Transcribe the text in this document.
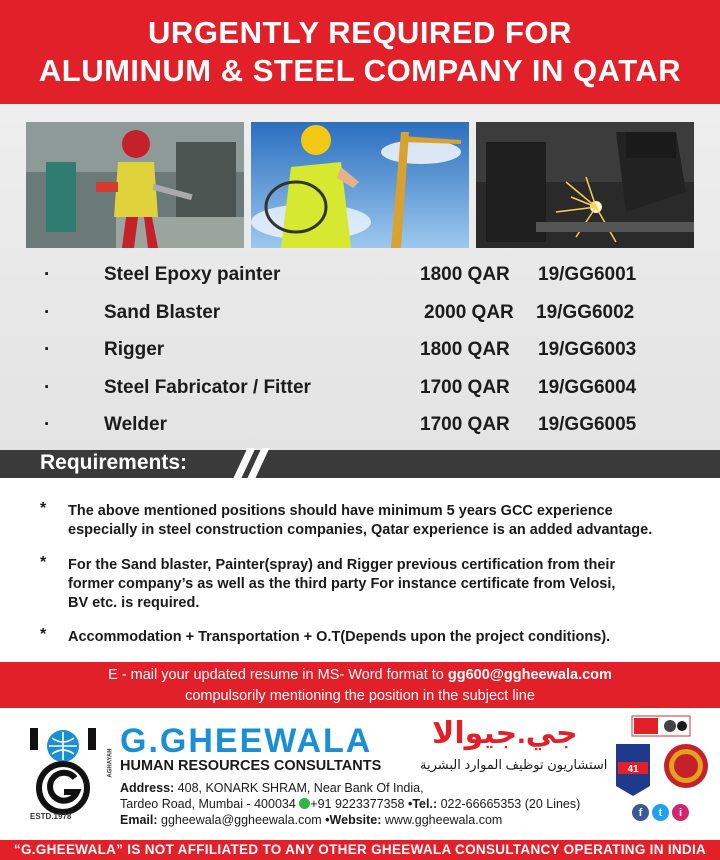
URGENTLY REQUIRED FOR
ALUMINUM & STEEL COMPANY IN QATAR
·	Steel Epoxy painter	1800 QAR 19/GG6001
·	Sand Blaster	2000 QAR 19/GG6002
·	Rigger	1800 QAR 19/GG6003
·	Steel Fabricator / Fitter	1700 QAR 19/GG6004
·	Welder	1700 QAR 19/GG6005
Requirements:
* The above mentioned positions should have minimum 5 years GCC experience
especially in steel construction companies, Qatar experience is an added advantage.
* For the Sand blaster, Painter(spray) and Rigger previous certification from their
former company’s as well as the third party For instance certificate from Velosi,
BV etc. is required.
* Accommodation + Transportation + O.T(Depends upon the project conditions).
E - mail your updated resume in MS- Word format to gg600@ggheewala.com
compulsorily mentioning the position in the subject line
ESTD.1978
AGHAYAH
G.GHEEWALA
HUMAN RESOURCES CONSULTANTS
جي.جيوالا
استشاريون توظيف الموارد البشرية
Address: 408, KONARK SHRAM, Near Bank Of India,
Tardeo Road, Mumbai - 400034 +91 9223377358 •Tel.: 022-66665353 (20 Lines)
Email: ggheewala@ggheewala.com •Website: www.ggheewala.com
41
f	t	i
“G.GHEEWALA” IS NOT AFFILIATED TO ANY OTHER GHEEWALA CONSULTANCY OPERATING IN INDIA
